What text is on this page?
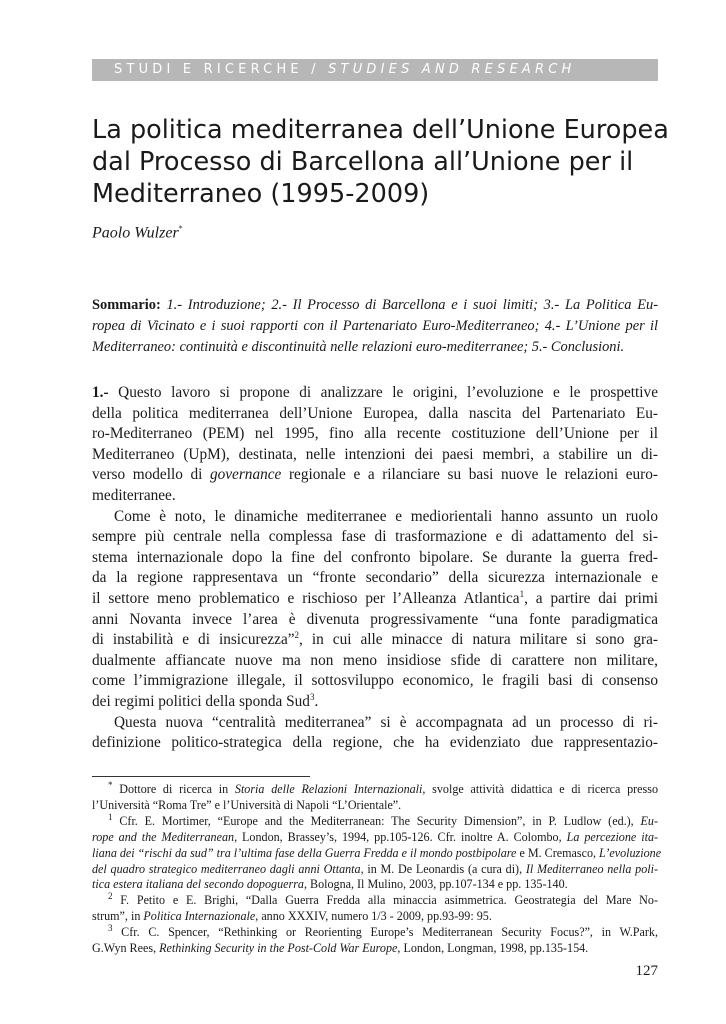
STUDI E RICERCHE / STUDIES AND RESEARCH
La politica mediterranea dell’Unione Europea
dal Processo di Barcellona all’Unione per il
Mediterraneo (1995-2009)
Paolo Wulzer*
Sommario: 1.- Introduzione; 2.- Il Processo di Barcellona e i suoi limiti; 3.- La Politica Eu-
ropea di Vicinato e i suoi rapporti con il Partenariato Euro-Mediterraneo; 4.- L’Unione per il
Mediterraneo: continuità e discontinuità nelle relazioni euro-mediterranee; 5.- Conclusioni.
1.- Questo lavoro si propone di analizzare le origini, l’evoluzione e le prospettive
della politica mediterranea dell’Unione Europea, dalla nascita del Partenariato Eu-
ro-Mediterraneo (PEM) nel 1995, fino alla recente costituzione dell’Unione per il
Mediterraneo (UpM), destinata, nelle intenzioni dei paesi membri, a stabilire un di-
verso modello di governance regionale e a rilanciare su basi nuove le relazioni euro-
mediterranee.
Come è noto, le dinamiche mediterranee e mediorientali hanno assunto un ruolo
sempre più centrale nella complessa fase di trasformazione e di adattamento del si-
stema internazionale dopo la fine del confronto bipolare. Se durante la guerra fred-
da la regione rappresentava un “fronte secondario” della sicurezza internazionale e
il settore meno problematico e rischioso per l’Alleanza Atlantica$^1$, a partire dai primi
anni Novanta invece l’area è divenuta progressivamente “una fonte paradigmatica
di instabilità e di insicurezza”$^2$, in cui alle minacce di natura militare si sono gra-
dualmente affiancate nuove ma non meno insidiose sfide di carattere non militare,
come l’immigrazione illegale, il sottosviluppo economico, le fragili basi di consenso
dei regimi politici della sponda Sud$^3$.
Questa nuova “centralità mediterranea” si è accompagnata ad un processo di ri-
definizione politico-strategica della regione, che ha evidenziato due rappresentazio-
* Dottore di ricerca in Storia delle Relazioni Internazionali, svolge attività didattica e di ricerca presso
l’Università “Roma Tre” e l’Università di Napoli “L’Orientale”.
$^1$ Cfr. E. Mortimer, “Europe and the Mediterranean: The Security Dimension”, in P. Ludlow (ed.), Eu-
rope and the Mediterranean, London, Brassey’s, 1994, pp.105-126. Cfr. inoltre A. Colombo, La percezione ita-
liana dei “rischi da sud” tra l’ultima fase della Guerra Fredda e il mondo postbipolare e M. Cremasco, L’evoluzione
del quadro strategico mediterraneo dagli anni Ottanta, in M. De Leonardis (a cura di), Il Mediterraneo nella poli-
tica estera italiana del secondo dopoguerra, Bologna, Il Mulino, 2003, pp.107-134 e pp. 135-140.
$^2$ F. Petito e E. Brighi, “Dalla Guerra Fredda alla minaccia asimmetrica. Geostrategia del Mare No-
strum”, in Politica Internazionale, anno XXXIV, numero 1/3 - 2009, pp.93-99: 95.
$^3$ Cfr. C. Spencer, “Rethinking or Reorienting Europe’s Mediterranean Security Focus?”, in W.Park,
G.Wyn Rees, Rethinking Security in the Post-Cold War Europe, London, Longman, 1998, pp.135-154.
127
